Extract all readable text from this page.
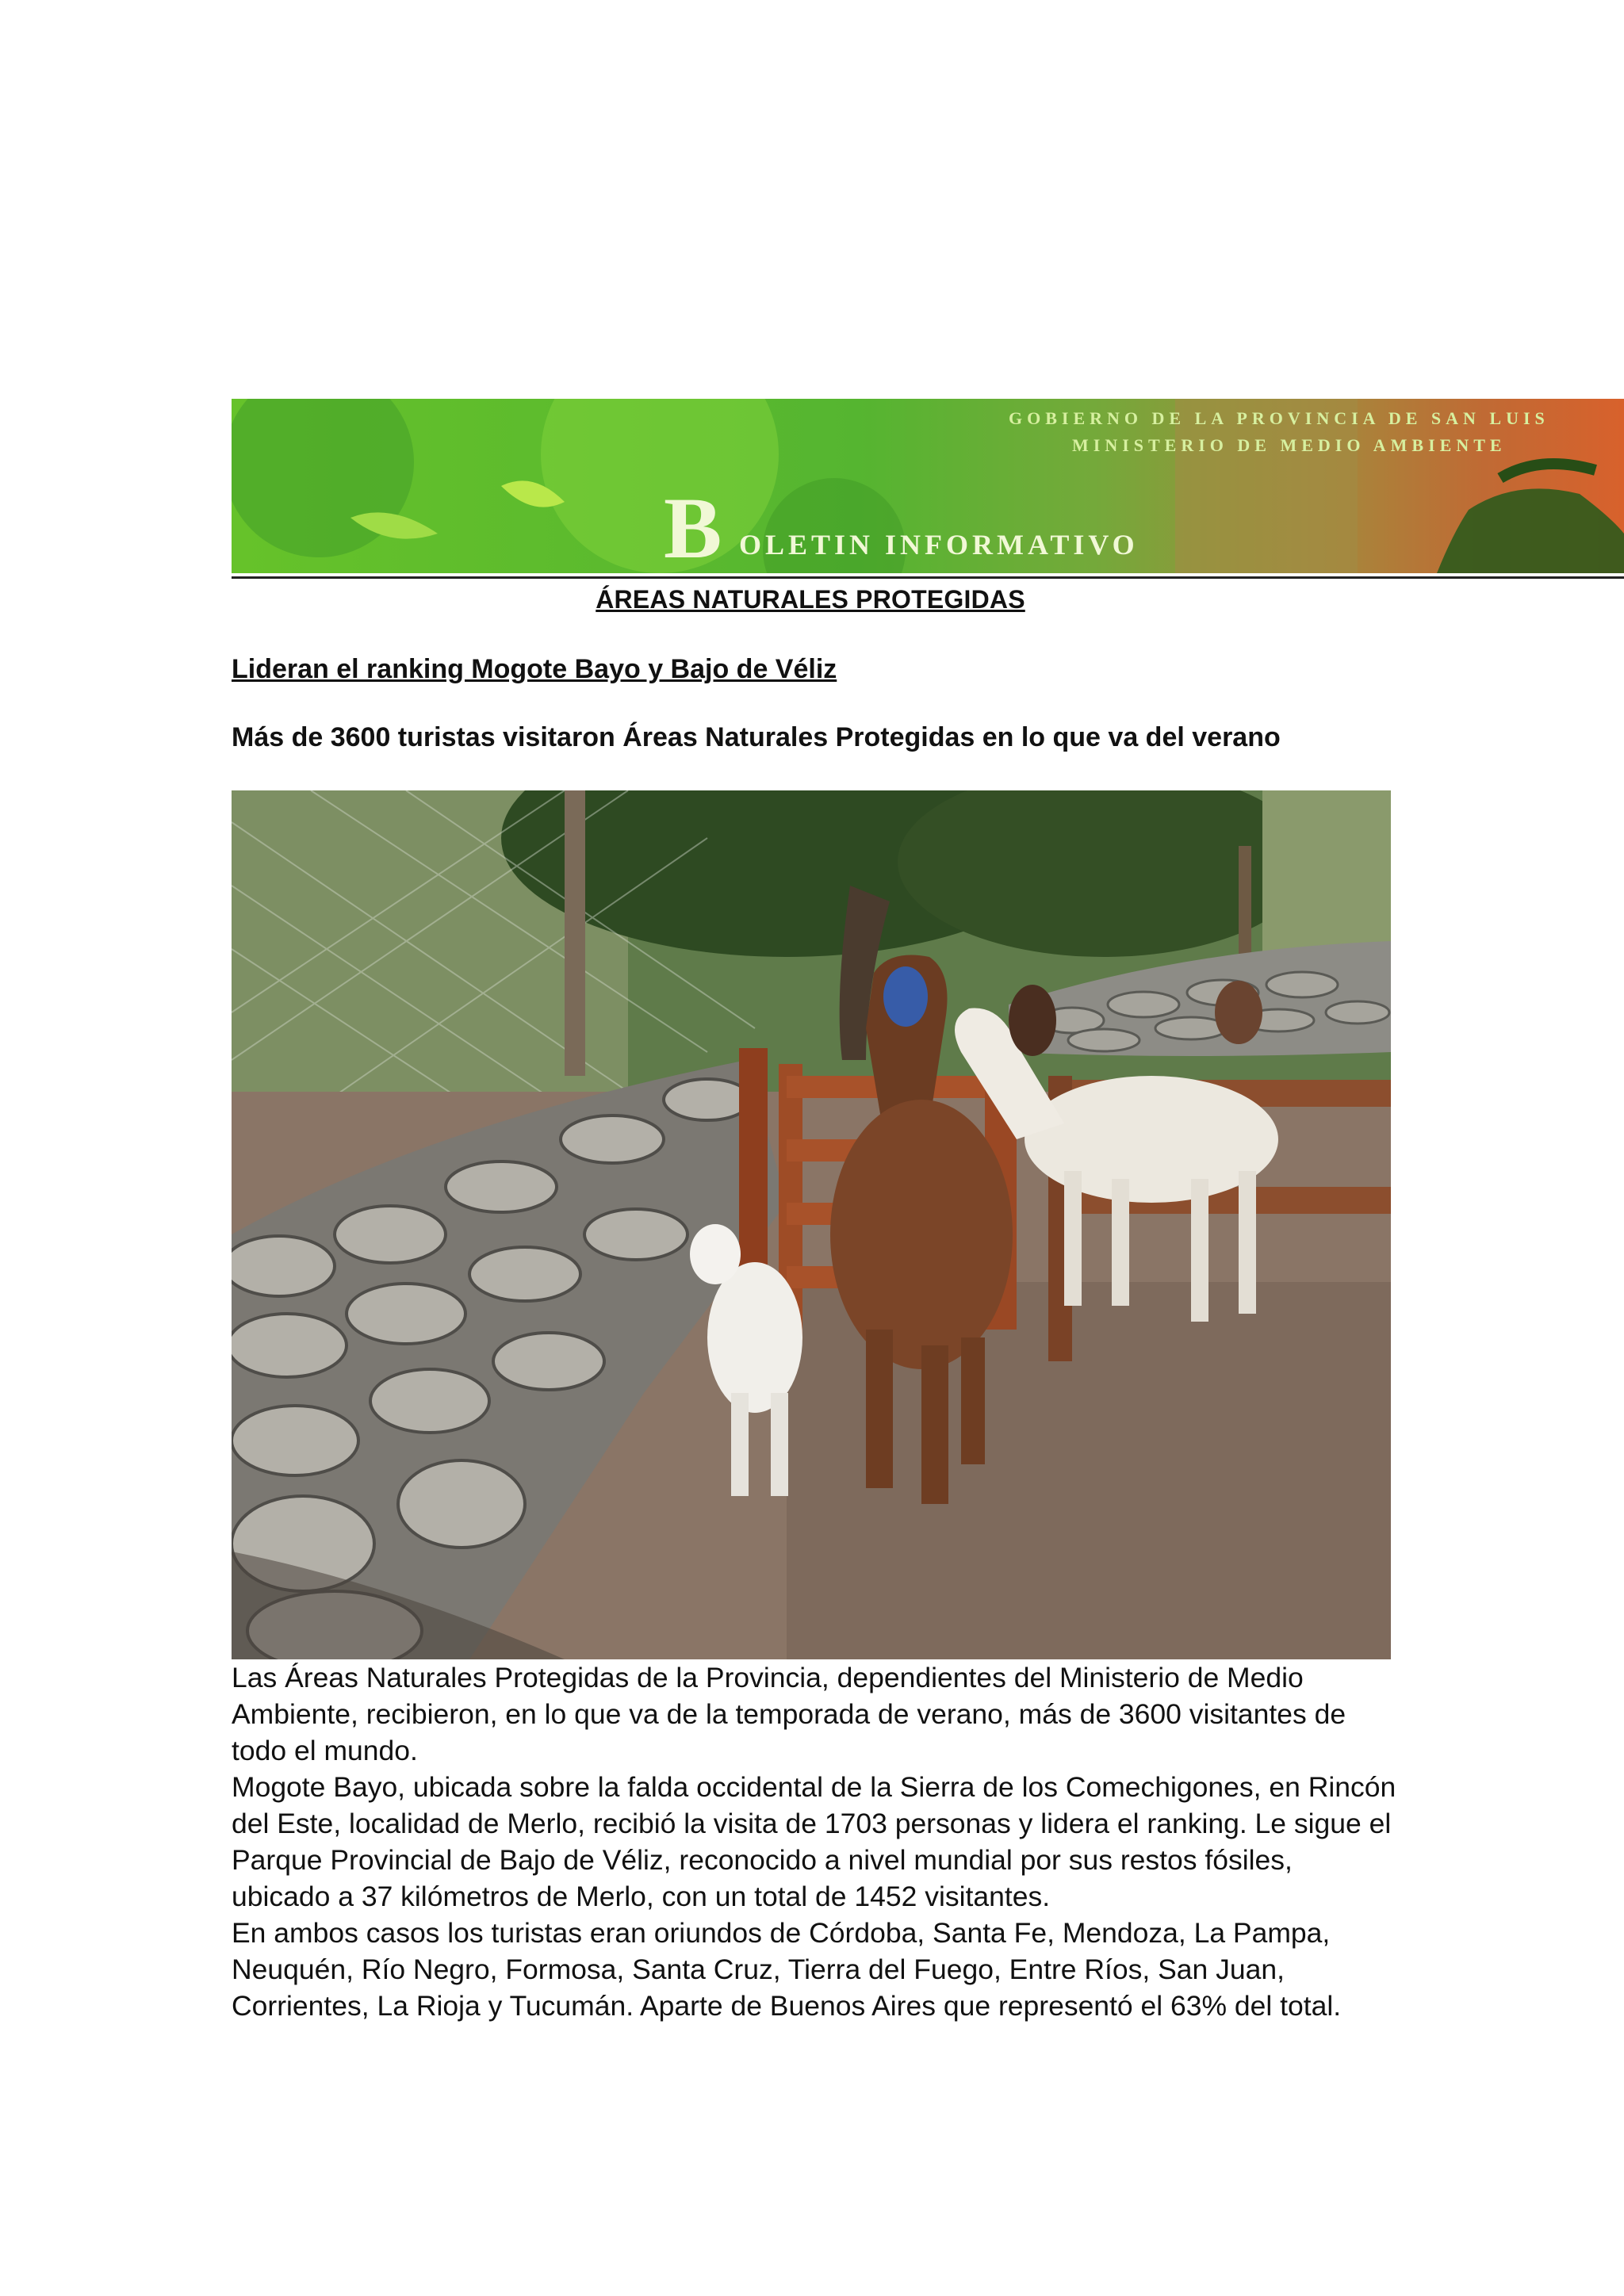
GOBIERNO DE LA PROVINCIA DE SAN LUIS
MINISTERIO DE MEDIO AMBIENTE
B OLETIN INFORMATIVO
ÁREAS NATURALES PROTEGIDAS
Lideran el ranking Mogote Bayo y Bajo de Véliz
Más de 3600 turistas visitaron Áreas Naturales Protegidas en lo que va del verano

Las Áreas Naturales Protegidas de la Provincia, dependientes del Ministerio de Medio Ambiente, recibieron, en lo que va de la temporada de verano, más de 3600 visitantes de todo el mundo.

Mogote Bayo, ubicada sobre la falda occidental de la Sierra de los Comechigones, en Rincón del Este, localidad de Merlo, recibió la visita de 1703 personas y lidera el ranking. Le sigue el Parque Provincial de Bajo de Véliz, reconocido a nivel mundial por sus restos fósiles, ubicado a 37 kilómetros de Merlo, con un total de 1452 visitantes.

En ambos casos los turistas eran oriundos de Córdoba, Santa Fe, Mendoza, La Pampa, Neuquén, Río Negro, Formosa, Santa Cruz, Tierra del Fuego, Entre Ríos, San Juan, Corrientes, La Rioja y Tucumán. Aparte de Buenos Aires que representó el 63% del total.
